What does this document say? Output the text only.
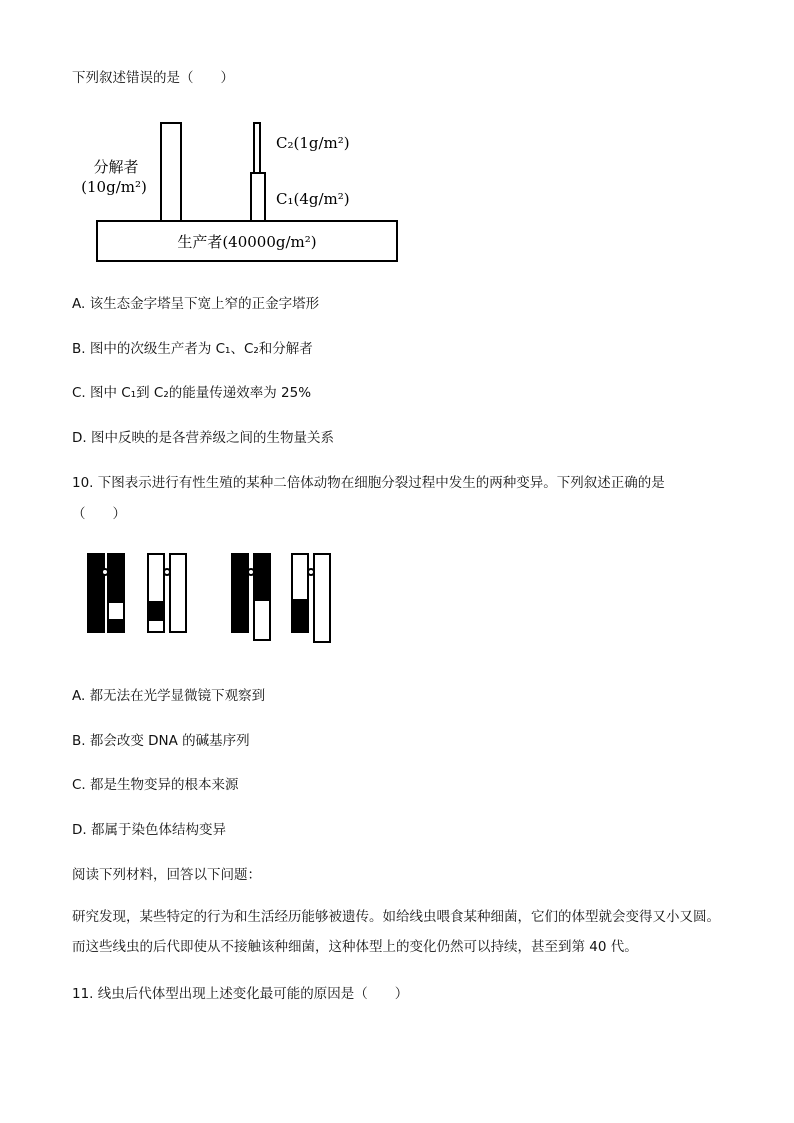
下列叙述错误的是（　　）
分解者
(10g/m²)
C₂(1g/m²)
C₁(4g/m²)
生产者(40000g/m²)
A. 该生态金字塔呈下宽上窄的正金字塔形
B. 图中的次级生产者为 C₁、C₂和分解者
C. 图中 C₁到 C₂的能量传递效率为 25%
D. 图中反映的是各营养级之间的生物量关系
10. 下图表示进行有性生殖的某种二倍体动物在细胞分裂过程中发生的两种变异。下列叙述正确的是
（　　）
A. 都无法在光学显微镜下观察到
B. 都会改变 DNA 的碱基序列
C. 都是生物变异的根本来源
D. 都属于染色体结构变异
阅读下列材料，回答以下问题：
研究发现，某些特定的行为和生活经历能够被遗传。如给线虫喂食某种细菌，它们的体型就会变得又小又圆。而这些线虫的后代即使从不接触该种细菌，这种体型上的变化仍然可以持续，甚至到第 40 代。
11. 线虫后代体型出现上述变化最可能的原因是（　　）
